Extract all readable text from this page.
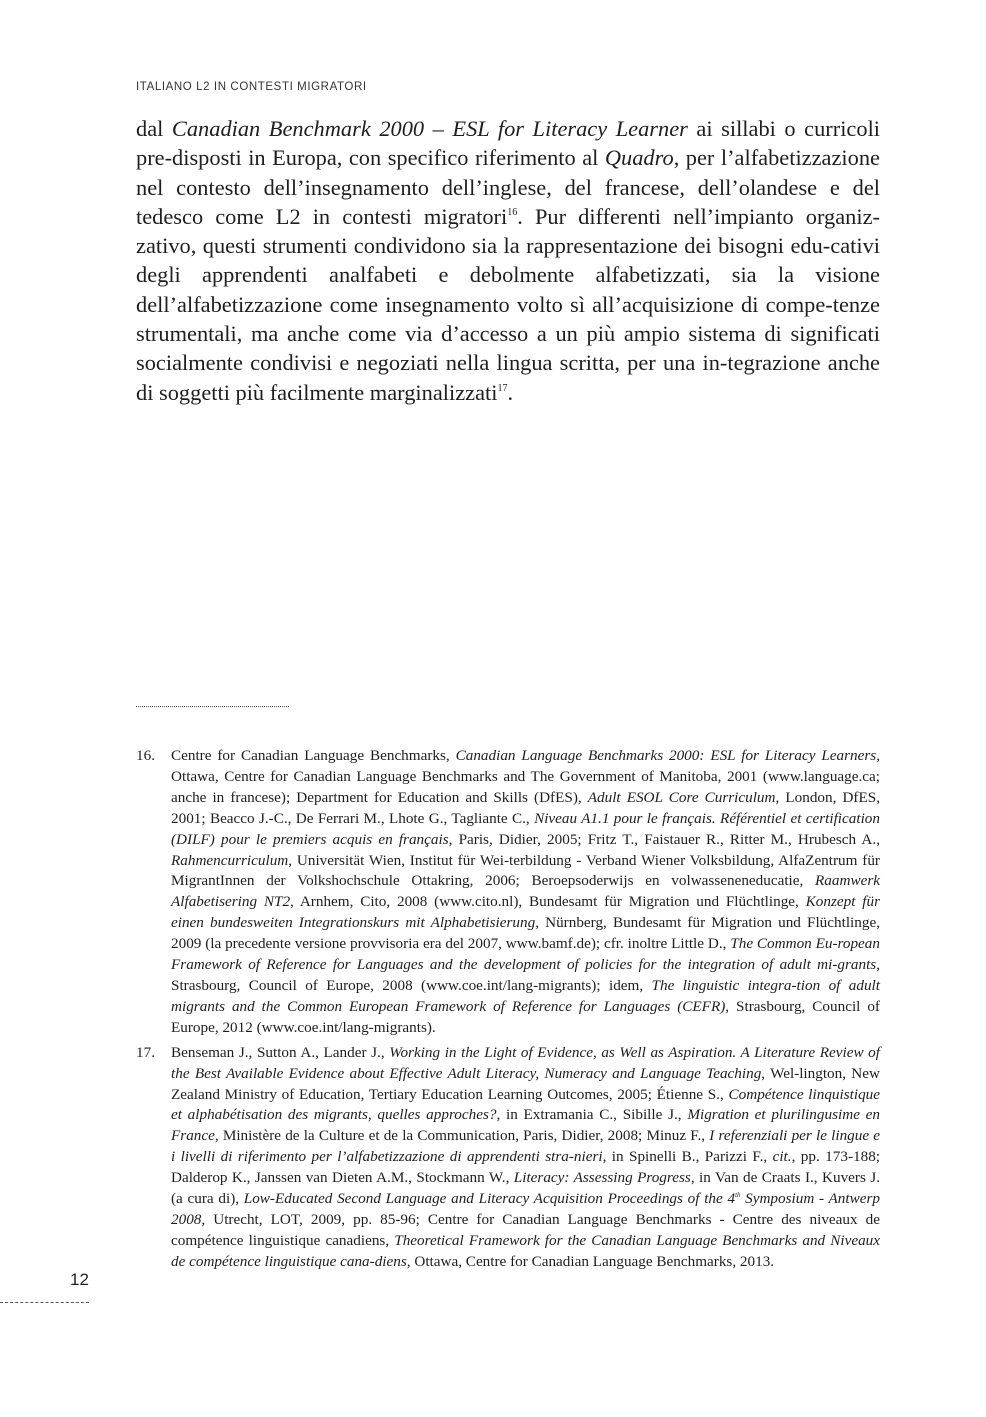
ITALIANO L2 IN CONTESTI MIGRATORI

dal Canadian Benchmark 2000 – ESL for Literacy Learner ai sillabi o curricoli pre-disposti in Europa, con specifico riferimento al Quadro, per l’alfabetizzazione nel contesto dell’insegnamento dell’inglese, del francese, dell’olandese e del tedesco come L2 in contesti migratori$^{16}$. Pur differenti nell’impianto organiz-zativo, questi strumenti condividono sia la rappresentazione dei bisogni edu-cativi degli apprendenti analfabeti e debolmente alfabetizzati, sia la visione dell’alfabetizzazione come insegnamento volto sì all’acquisizione di compe-tenze strumentali, ma anche come via d’accesso a un più ampio sistema di significati socialmente condivisi e negoziati nella lingua scritta, per una in-tegrazione anche di soggetti più facilmente marginalizzati$^{17}$.

16.	Centre for Canadian Language Benchmarks, Canadian Language Benchmarks 2000: ESL for Literacy Learners, Ottawa, Centre for Canadian Language Benchmarks and The Government of Manitoba, 2001 (www.language.ca; anche in francese); Department for Education and Skills (DfES), Adult ESOL Core Curriculum, London, DfES, 2001; Beacco J.-C., De Ferrari M., Lhote G., Tagliante C., Niveau A1.1 pour le français. Référentiel et certification (DILF) pour le premiers acquis en français, Paris, Didier, 2005; Fritz T., Faistauer R., Ritter M., Hrubesch A., Rahmencurriculum, Universität Wien, Institut für Wei-terbildung - Verband Wiener Volksbildung, AlfaZentrum für MigrantInnen der Volkshochschule Ottakring, 2006; Beroepsoderwijs en volwasseneneducatie, Raamwerk Alfabetisering NT2, Arnhem, Cito, 2008 (www.cito.nl), Bundesamt für Migration und Flüchtlinge, Konzept für einen bundesweiten Integrationskurs mit Alphabetisierung, Nürnberg, Bundesamt für Migration und Flüchtlinge, 2009 (la precedente versione provvisoria era del 2007, www.bamf.de); cfr. inoltre Little D., The Common Eu-ropean Framework of Reference for Languages and the development of policies for the integration of adult mi-grants, Strasbourg, Council of Europe, 2008 (www.coe.int/lang-migrants); idem, The linguistic integra-tion of adult migrants and the Common European Framework of Reference for Languages (CEFR), Strasbourg, Council of Europe, 2012 (www.coe.int/lang-migrants).

17.	Benseman J., Sutton A., Lander J., Working in the Light of Evidence, as Well as Aspiration. A Literature Review of the Best Available Evidence about Effective Adult Literacy, Numeracy and Language Teaching, Wel-lington, New Zealand Ministry of Education, Tertiary Education Learning Outcomes, 2005; Étienne S., Compétence linquistique et alphabétisation des migrants, quelles approches?, in Extramania C., Sibille J., Migration et plurilingusime en France, Ministère de la Culture et de la Communication, Paris, Didier, 2008; Minuz F., I referenziali per le lingue e i livelli di riferimento per l’alfabetizzazione di apprendenti stra-nieri, in Spinelli B., Parizzi F., cit., pp. 173-188; Dalderop K., Janssen van Dieten A.M., Stockmann W., Literacy: Assessing Progress, in Van de Craats I., Kuvers J. (a cura di), Low-Educated Second Language and Literacy Acquisition Proceedings of the 4th Symposium - Antwerp 2008, Utrecht, LOT, 2009, pp. 85-96; Centre for Canadian Language Benchmarks - Centre des niveaux de compétence linguistique canadiens, Theoretical Framework for the Canadian Language Benchmarks and Niveaux de compétence linguistique cana-diens, Ottawa, Centre for Canadian Language Benchmarks, 2013.

12
